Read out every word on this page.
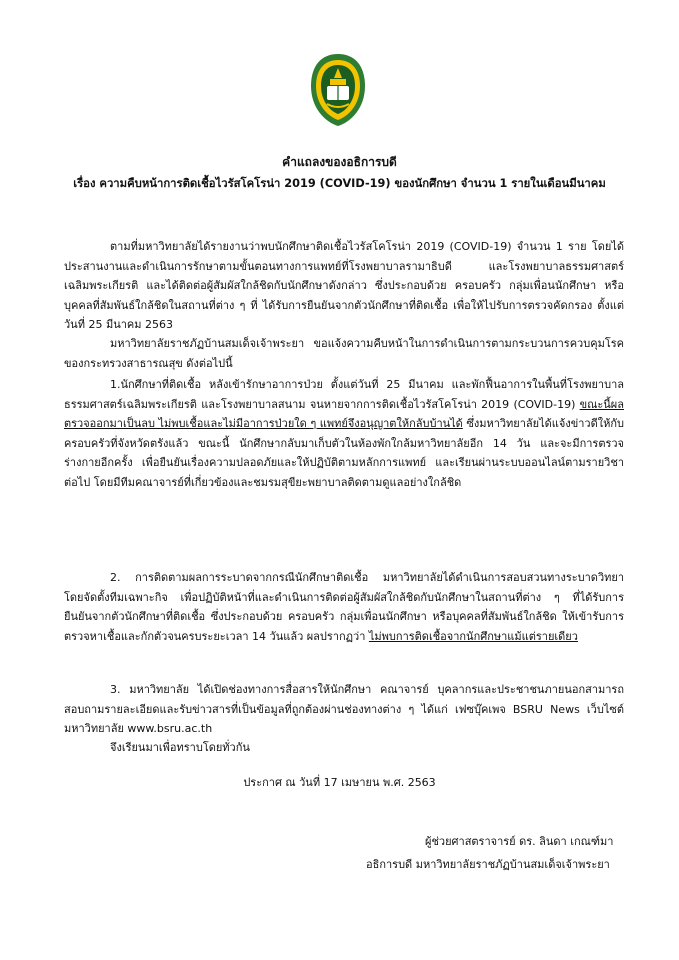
คำแถลงของอธิการบดี
เรื่อง ความคืบหน้าการติดเชื้อไวรัสโคโรน่า 2019 (COVID-19) ของนักศึกษา จำนวน 1 รายในเดือนมีนาคม

ตามที่มหาวิทยาลัยได้รายงานว่าพบนักศึกษาติดเชื้อไวรัสโคโรน่า 2019 (COVID-19) จำนวน 1 ราย โดยได้ประสานงานและดำเนินการรักษาตามขั้นตอนทางการแพทย์ที่โรงพยาบาลรามาธิบดี และโรงพยาบาลธรรมศาสตร์เฉลิมพระเกียรติ และได้ติดต่อผู้สัมผัสใกล้ชิดกับนักศึกษาดังกล่าว ซึ่งประกอบด้วย ครอบครัว กลุ่มเพื่อนนักศึกษา หรือบุคคลที่สัมพันธ์ใกล้ชิดในสถานที่ต่าง ๆ ที่ ได้รับการยืนยันจากตัวนักศึกษาที่ติดเชื้อ เพื่อให้ไปรับการตรวจคัดกรอง ตั้งแต่วันที่ 25 มีนาคม 2563

มหาวิทยาลัยราชภัฏบ้านสมเด็จเจ้าพระยา ขอแจ้งความคืบหน้าในการดำเนินการตามกระบวนการควบคุมโรคของกระทรวงสาธารณสุข ดังต่อไปนี้

1.นักศึกษาที่ติดเชื้อ หลังเข้ารักษาอาการป่วย ตั้งแต่วันที่ 25 มีนาคม และพักฟื้นอาการในพื้นที่โรงพยาบาลธรรมศาสตร์เฉลิมพระเกียรติ และโรงพยาบาลสนาม จนหายจากการติดเชื้อไวรัสโคโรน่า 2019 (COVID-19) ขณะนี้ผลตรวจออกมาเป็นลบ ไม่พบเชื้อและไม่มีอาการป่วยใด ๆ แพทย์จึงอนุญาตให้กลับบ้านได้ ซึ่งมหาวิทยาลัยได้แจ้งข่าวดีให้กับครอบครัวที่จังหวัดตรังแล้ว ขณะนี้ นักศึกษากลับมาเก็บตัวในห้องพักใกล้มหาวิทยาลัยอีก 14 วัน และจะมีการตรวจร่างกายอีกครั้ง เพื่อยืนยันเรื่องความปลอดภัยและให้ปฏิบัติตามหลักการแพทย์ และเรียนผ่านระบบออนไลน์ตามรายวิชาต่อไป โดยมีทีมคณาจารย์ที่เกี่ยวข้องและชมรมสุขียะพยาบาลติดตามดูแลอย่างใกล้ชิด

2. การติดตามผลการระบาดจากกรณีนักศึกษาติดเชื้อ มหาวิทยาลัยได้ดำเนินการสอบสวนทางระบาดวิทยา โดยจัดตั้งทีมเฉพาะกิจ เพื่อปฏิบัติหน้าที่และดำเนินการติดต่อผู้สัมผัสใกล้ชิดกับนักศึกษาในสถานที่ต่าง ๆ ที่ได้รับการยืนยันจากตัวนักศึกษาที่ติดเชื้อ ซึ่งประกอบด้วย ครอบครัว กลุ่มเพื่อนนักศึกษา หรือบุคคลที่สัมพันธ์ใกล้ชิด ให้เข้ารับการตรวจหาเชื้อและกักตัวจนครบระยะเวลา 14 วันแล้ว ผลปรากฏว่า ไม่พบการติดเชื้อจากนักศึกษาแม้แต่รายเดียว

3. มหาวิทยาลัย ได้เปิดช่องทางการสื่อสารให้นักศึกษา คณาจารย์ บุคลากรและประชาชนภายนอกสามารถสอบถามรายละเอียดและรับข่าวสารที่เป็นข้อมูลที่ถูกต้องผ่านช่องทางต่าง ๆ ได้แก่ เฟซบุ๊คเพจ BSRU News เว็บไซต์มหาวิทยาลัย www.bsru.ac.th

จึงเรียนมาเพื่อทราบโดยทั่วกัน

ประกาศ ณ วันที่ 17 เมษายน พ.ศ. 2563
ผู้ช่วยศาสตราจารย์ ดร. ลินดา เกณฑ์มา
อธิการบดี มหาวิทยาลัยราชภัฏบ้านสมเด็จเจ้าพระยา
